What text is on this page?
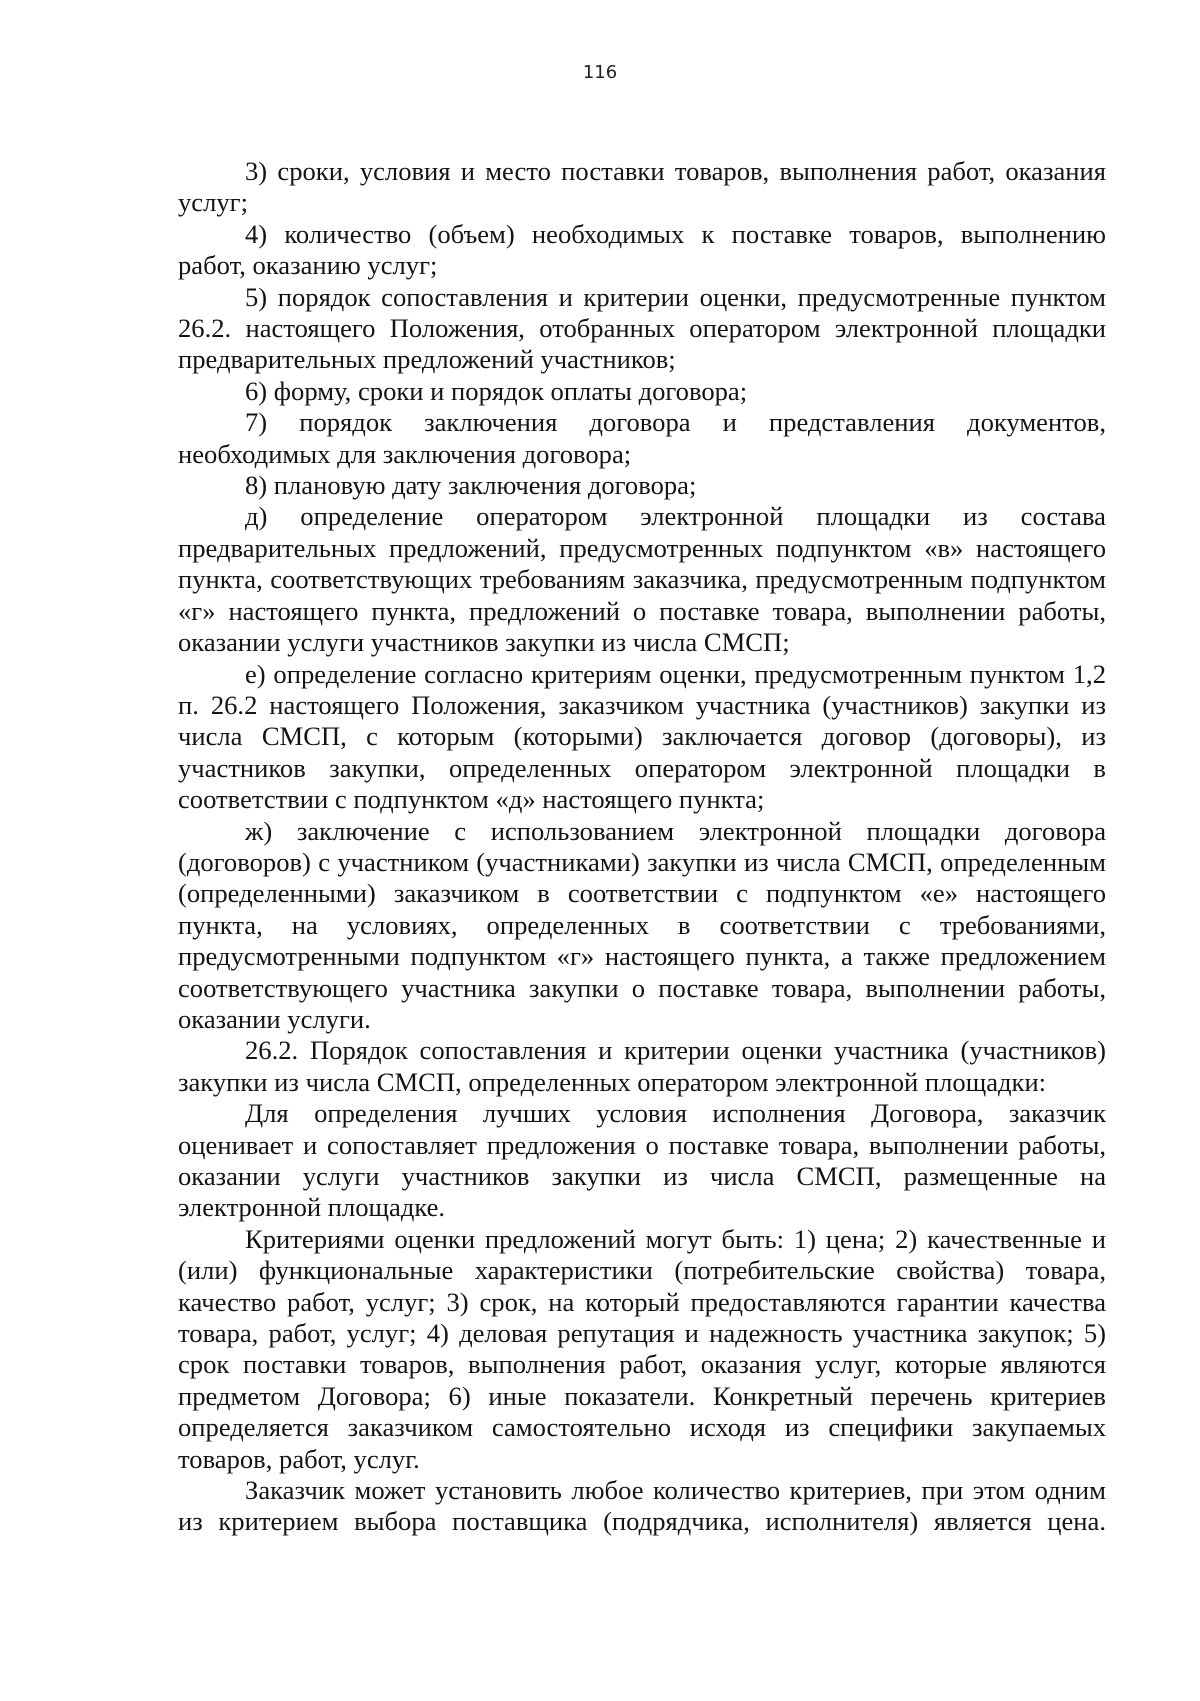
116

3) сроки, условия и место поставки товаров, выполнения работ, оказания услуг;

4) количество (объем) необходимых к поставке товаров, выполнению работ, оказанию услуг;

5) порядок сопоставления и критерии оценки, предусмотренные пунктом 26.2. настоящего Положения, отобранных оператором электронной площадки предварительных предложений участников;

6) форму, сроки и порядок оплаты договора;

7) порядок заключения договора и представления документов, необходимых для заключения договора;

8) плановую дату заключения договора;

д) определение оператором электронной площадки из состава предварительных предложений, предусмотренных подпунктом «в» настоящего пункта, соответствующих требованиям заказчика, предусмотренным подпунктом «г» настоящего пункта, предложений о поставке товара, выполнении работы, оказании услуги участников закупки из числа СМСП;

е) определение согласно критериям оценки, предусмотренным пунктом 1,2 п. 26.2 настоящего Положения, заказчиком участника (участников) закупки из числа СМСП, с которым (которыми) заключается договор (договоры), из участников закупки, определенных оператором электронной площадки в соответствии с подпунктом «д» настоящего пункта;

ж) заключение с использованием электронной площадки договора (договоров) с участником (участниками) закупки из числа СМСП, определенным (определенными) заказчиком в соответствии с подпунктом «е» настоящего пункта, на условиях, определенных в соответствии с требованиями, предусмотренными подпунктом «г» настоящего пункта, а также предложением соответствующего участника закупки о поставке товара, выполнении работы, оказании услуги.

26.2. Порядок сопоставления и критерии оценки участника (участников) закупки из числа СМСП, определенных оператором электронной площадки:

Для определения лучших условия исполнения Договора, заказчик оценивает и сопоставляет предложения о поставке товара, выполнении работы, оказании услуги участников закупки из числа СМСП, размещенные на электронной площадке.

Критериями оценки предложений могут быть: 1) цена; 2) качественные и (или) функциональные характеристики (потребительские свойства) товара, качество работ, услуг; 3) срок, на который предоставляются гарантии качества товара, работ, услуг; 4) деловая репутация и надежность участника закупок; 5) срок поставки товаров, выполнения работ, оказания услуг, которые являются предметом Договора; 6) иные показатели. Конкретный перечень критериев определяется заказчиком самостоятельно исходя из специфики закупаемых товаров, работ, услуг.

Заказчик может установить любое количество критериев, при этом одним из критерием выбора поставщика (подрядчика, исполнителя) является цена.
